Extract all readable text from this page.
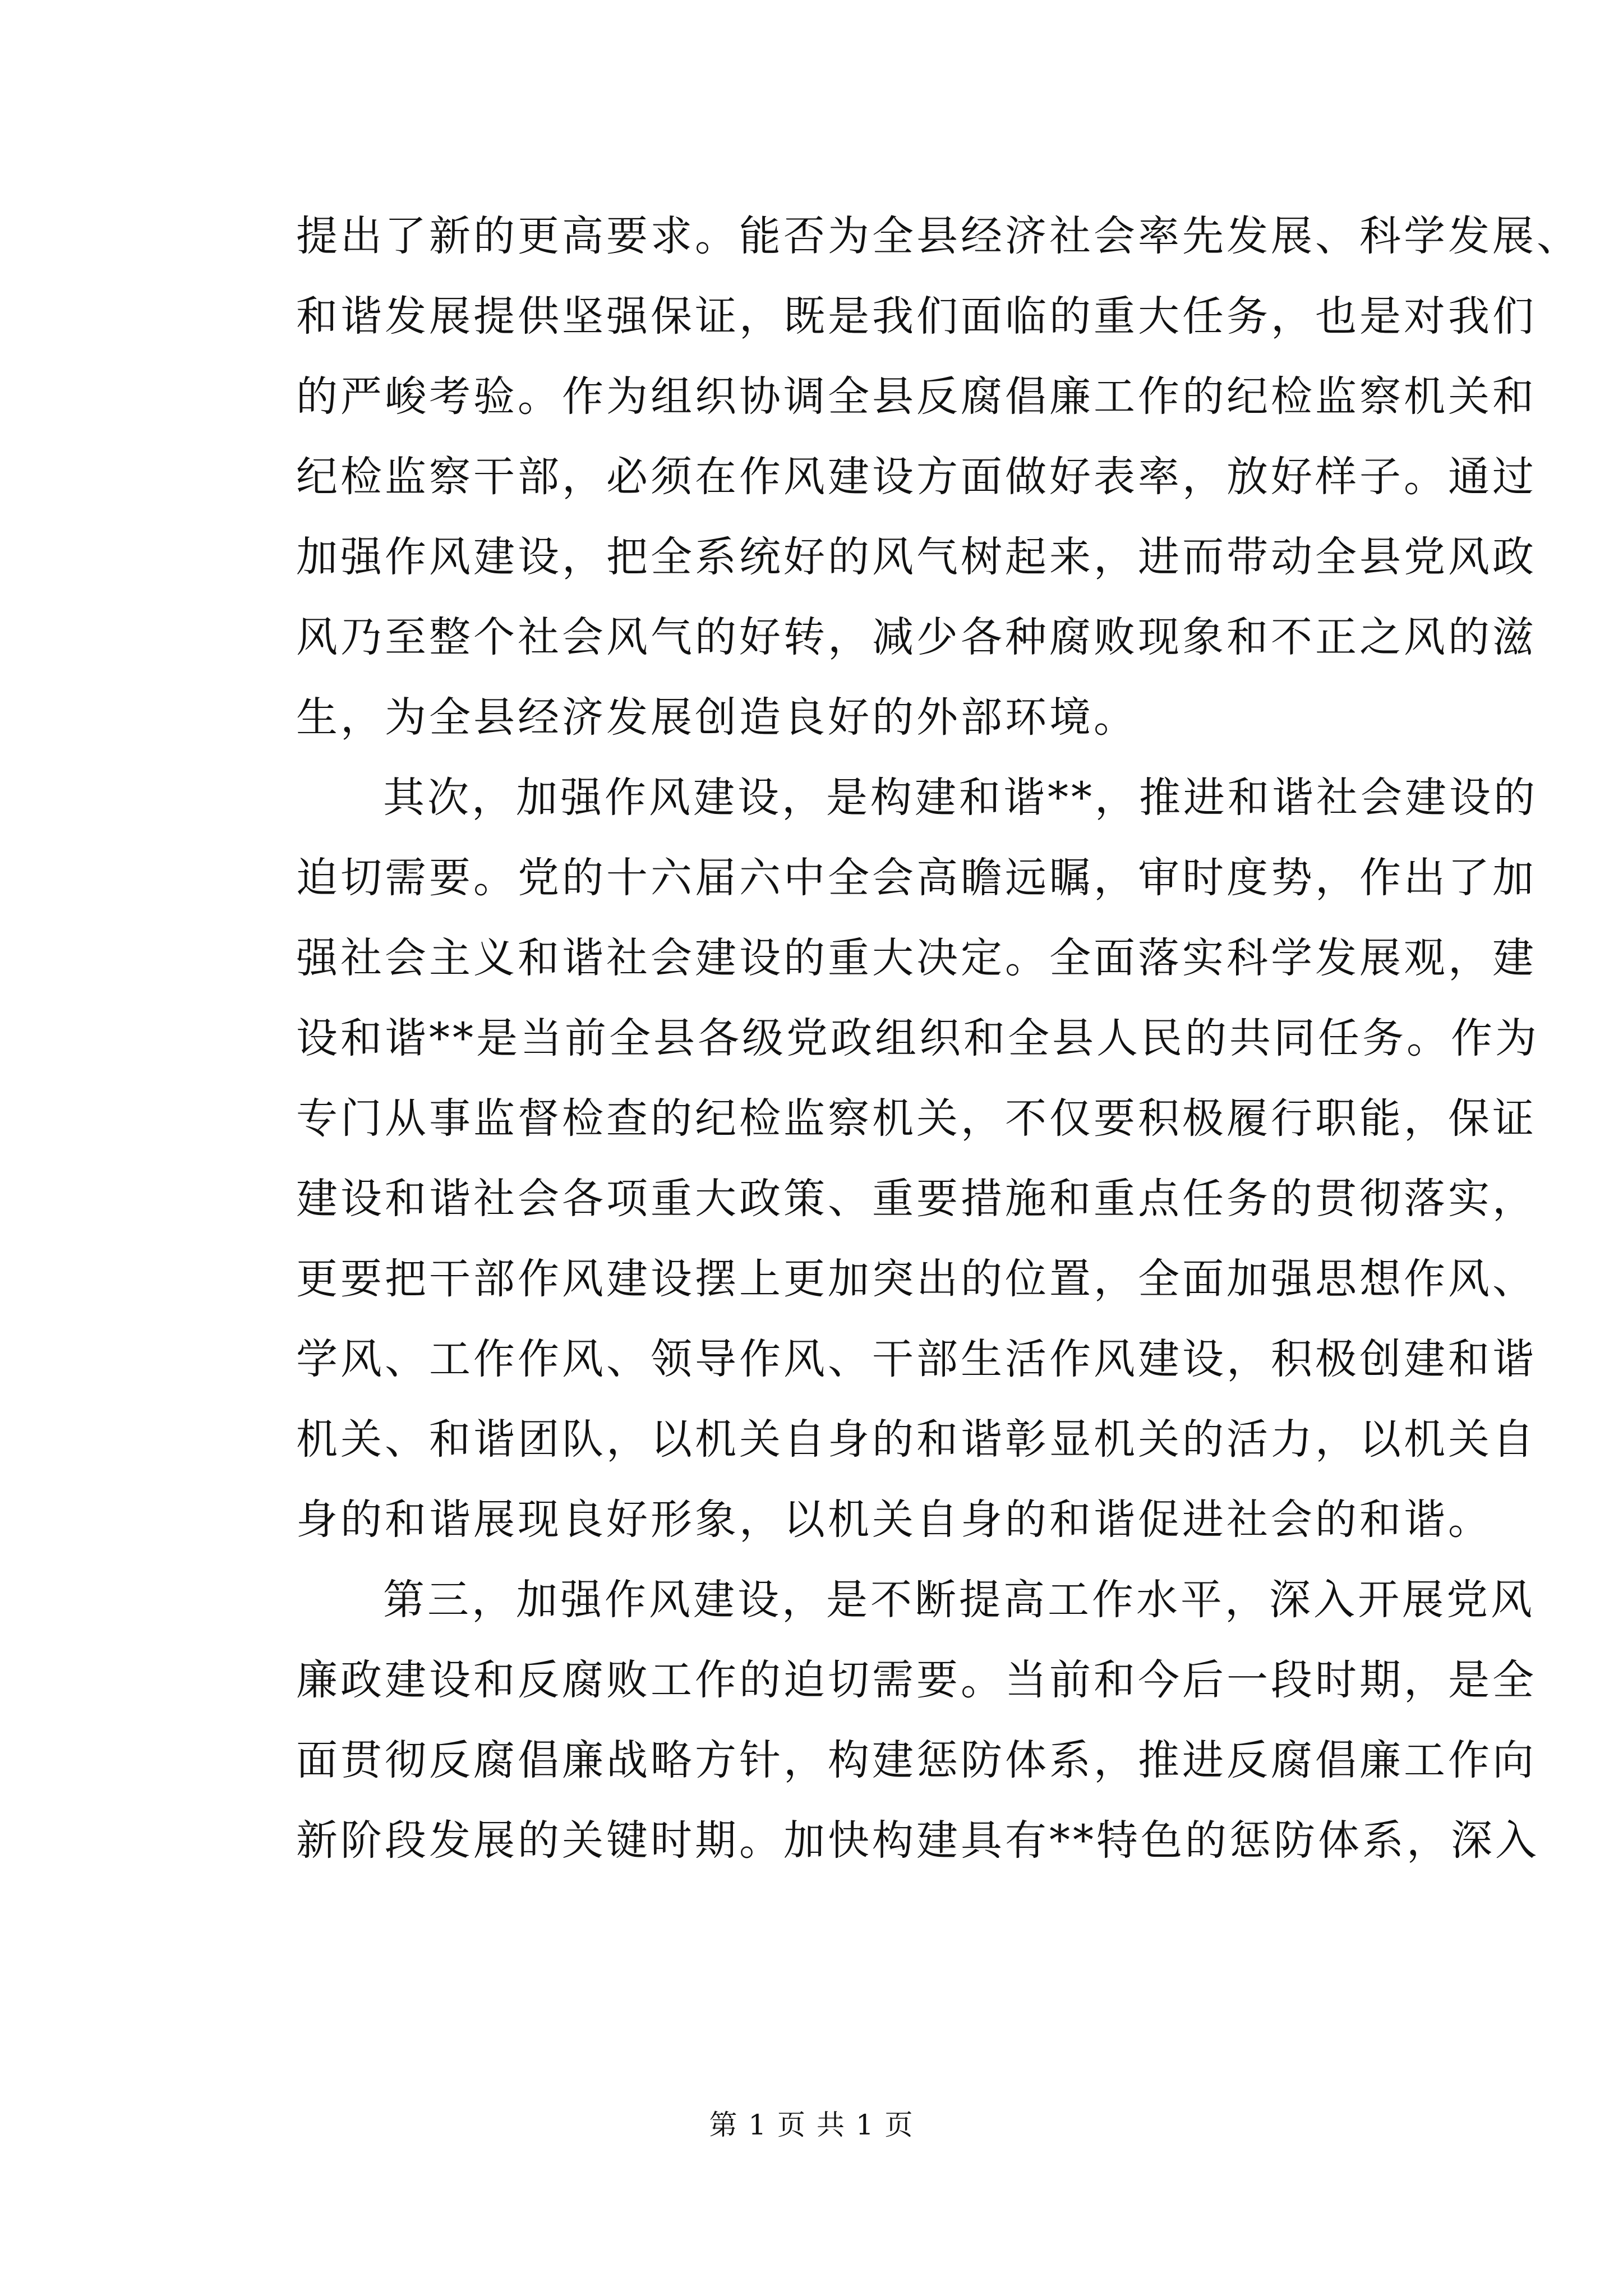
提出了新的更高要求。能否为全县经济社会率先发展、科学发展、
和谐发展提供坚强保证，既是我们面临的重大任务，也是对我们
的严峻考验。作为组织协调全县反腐倡廉工作的纪检监察机关和
纪检监察干部，必须在作风建设方面做好表率，放好样子。通过
加强作风建设，把全系统好的风气树起来，进而带动全县党风政
风乃至整个社会风气的好转，减少各种腐败现象和不正之风的滋
生，为全县经济发展创造良好的外部环境。
其次，加强作风建设，是构建和谐**，推进和谐社会建设的
迫切需要。党的十六届六中全会高瞻远瞩，审时度势，作出了加
强社会主义和谐社会建设的重大决定。全面落实科学发展观，建
设和谐**是当前全县各级党政组织和全县人民的共同任务。作为
专门从事监督检查的纪检监察机关，不仅要积极履行职能，保证
建设和谐社会各项重大政策、重要措施和重点任务的贯彻落实，
更要把干部作风建设摆上更加突出的位置，全面加强思想作风、
学风、工作作风、领导作风、干部生活作风建设，积极创建和谐
机关、和谐团队，以机关自身的和谐彰显机关的活力，以机关自
身的和谐展现良好形象，以机关自身的和谐促进社会的和谐。
第三，加强作风建设，是不断提高工作水平，深入开展党风
廉政建设和反腐败工作的迫切需要。当前和今后一段时期，是全
面贯彻反腐倡廉战略方针，构建惩防体系，推进反腐倡廉工作向
新阶段发展的关键时期。加快构建具有**特色的惩防体系，深入
第 1 页 共 1 页
